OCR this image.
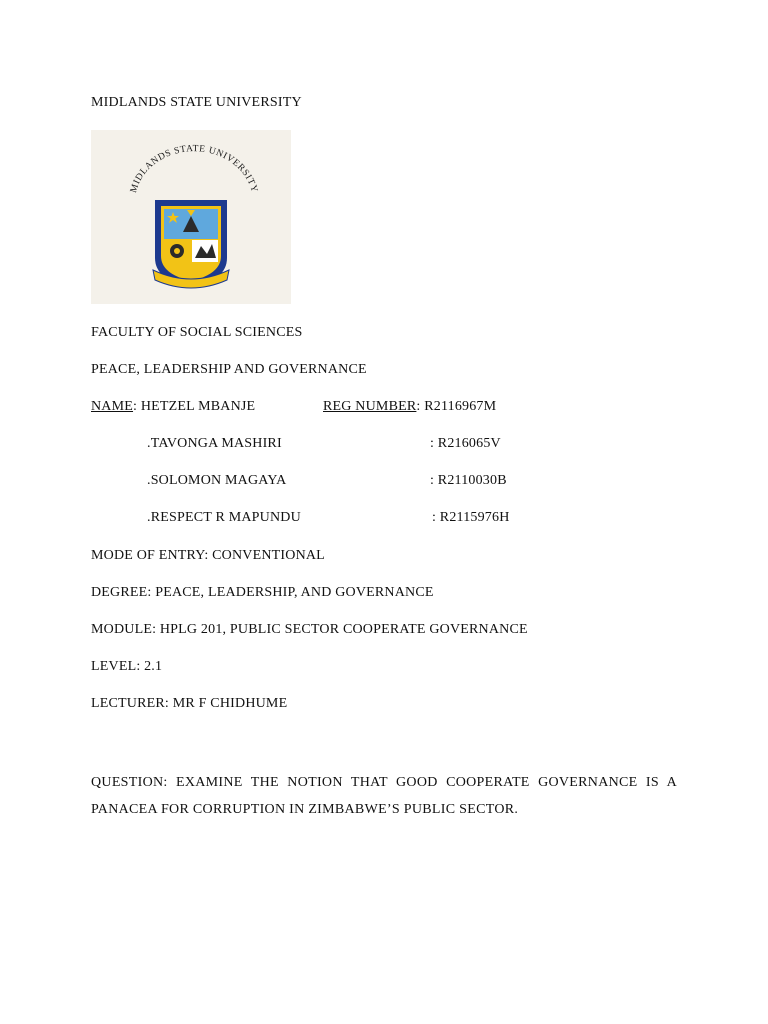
MIDLANDS STATE UNIVERSITY
MIDLANDS STATE UNIVERSITY
FACULTY OF SOCIAL SCIENCES
PEACE, LEADERSHIP AND GOVERNANCE
NAME: HETZEL MBANJE	REG NUMBER: R2116967M
.TAVONGA MASHIRI	: R216065V
.SOLOMON MAGAYA	: R2110030B
.RESPECT R MAPUNDU	: R2115976H
MODE OF ENTRY: CONVENTIONAL
DEGREE: PEACE, LEADERSHIP, AND GOVERNANCE
MODULE: HPLG 201, PUBLIC SECTOR COOPERATE GOVERNANCE
LEVEL: 2.1
LECTURER: MR F CHIDHUME
QUESTION: EXAMINE THE NOTION THAT GOOD COOPERATE GOVERNANCE IS A PANACEA FOR CORRUPTION IN ZIMBABWE’S PUBLIC SECTOR.
